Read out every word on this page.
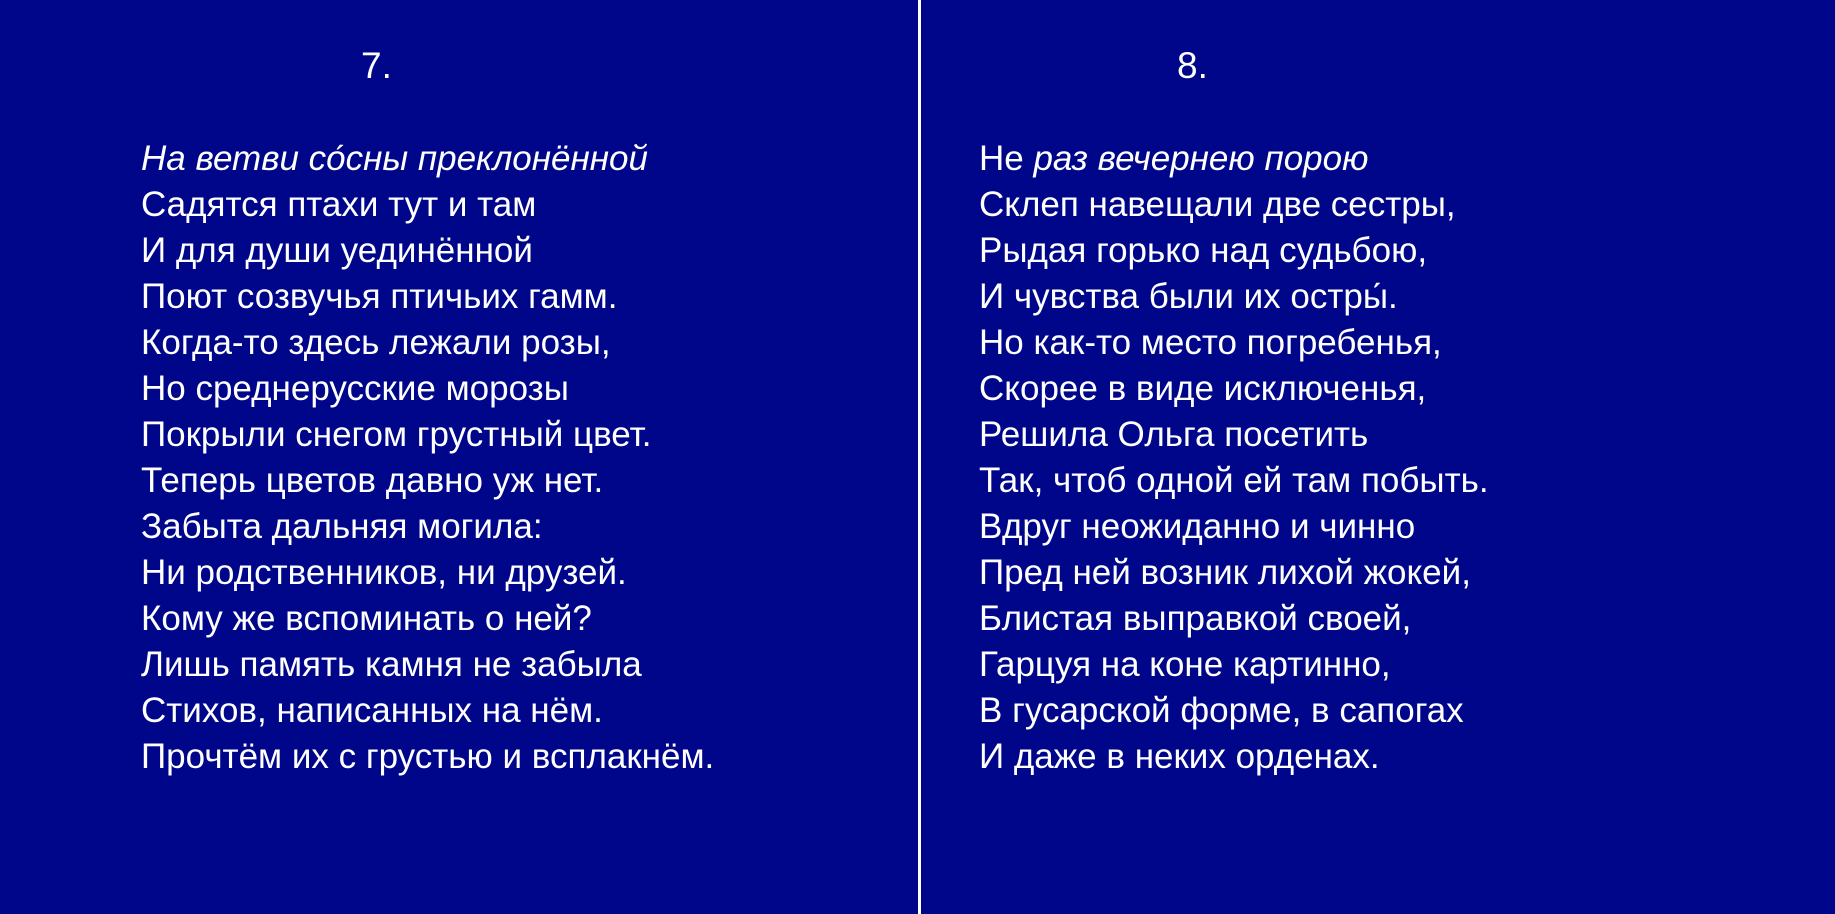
7.
На ветви со́сны преклонённой
Садятся птахи тут и там
И для души уединённой
Поют созвучья птичьих гамм.
Когда-то здесь лежали розы,
Но среднерусские морозы
Покрыли снегом грустный цвет.
Теперь цветов давно уж нет.
Забыта дальняя могила:
Ни родственников, ни друзей.
Кому же вспоминать о ней?
Лишь память камня не забыла
Стихов, написанных на нём.
Прочтём их с грустью и всплакнём.
8.
Не раз вечернею порою
Склеп навещали две сестры,
Рыдая горько над судьбою,
И чувства были их остры́.
Но как-то место погребенья,
Скорее в виде исключенья,
Решила Ольга посетить
Так, чтоб одной ей там побыть.
Вдруг неожиданно и чинно
Пред ней возник лихой жокей,
Блистая выправкой своей,
Гарцуя на коне картинно,
В гусарской форме, в сапогах
И даже в неких орденах.
